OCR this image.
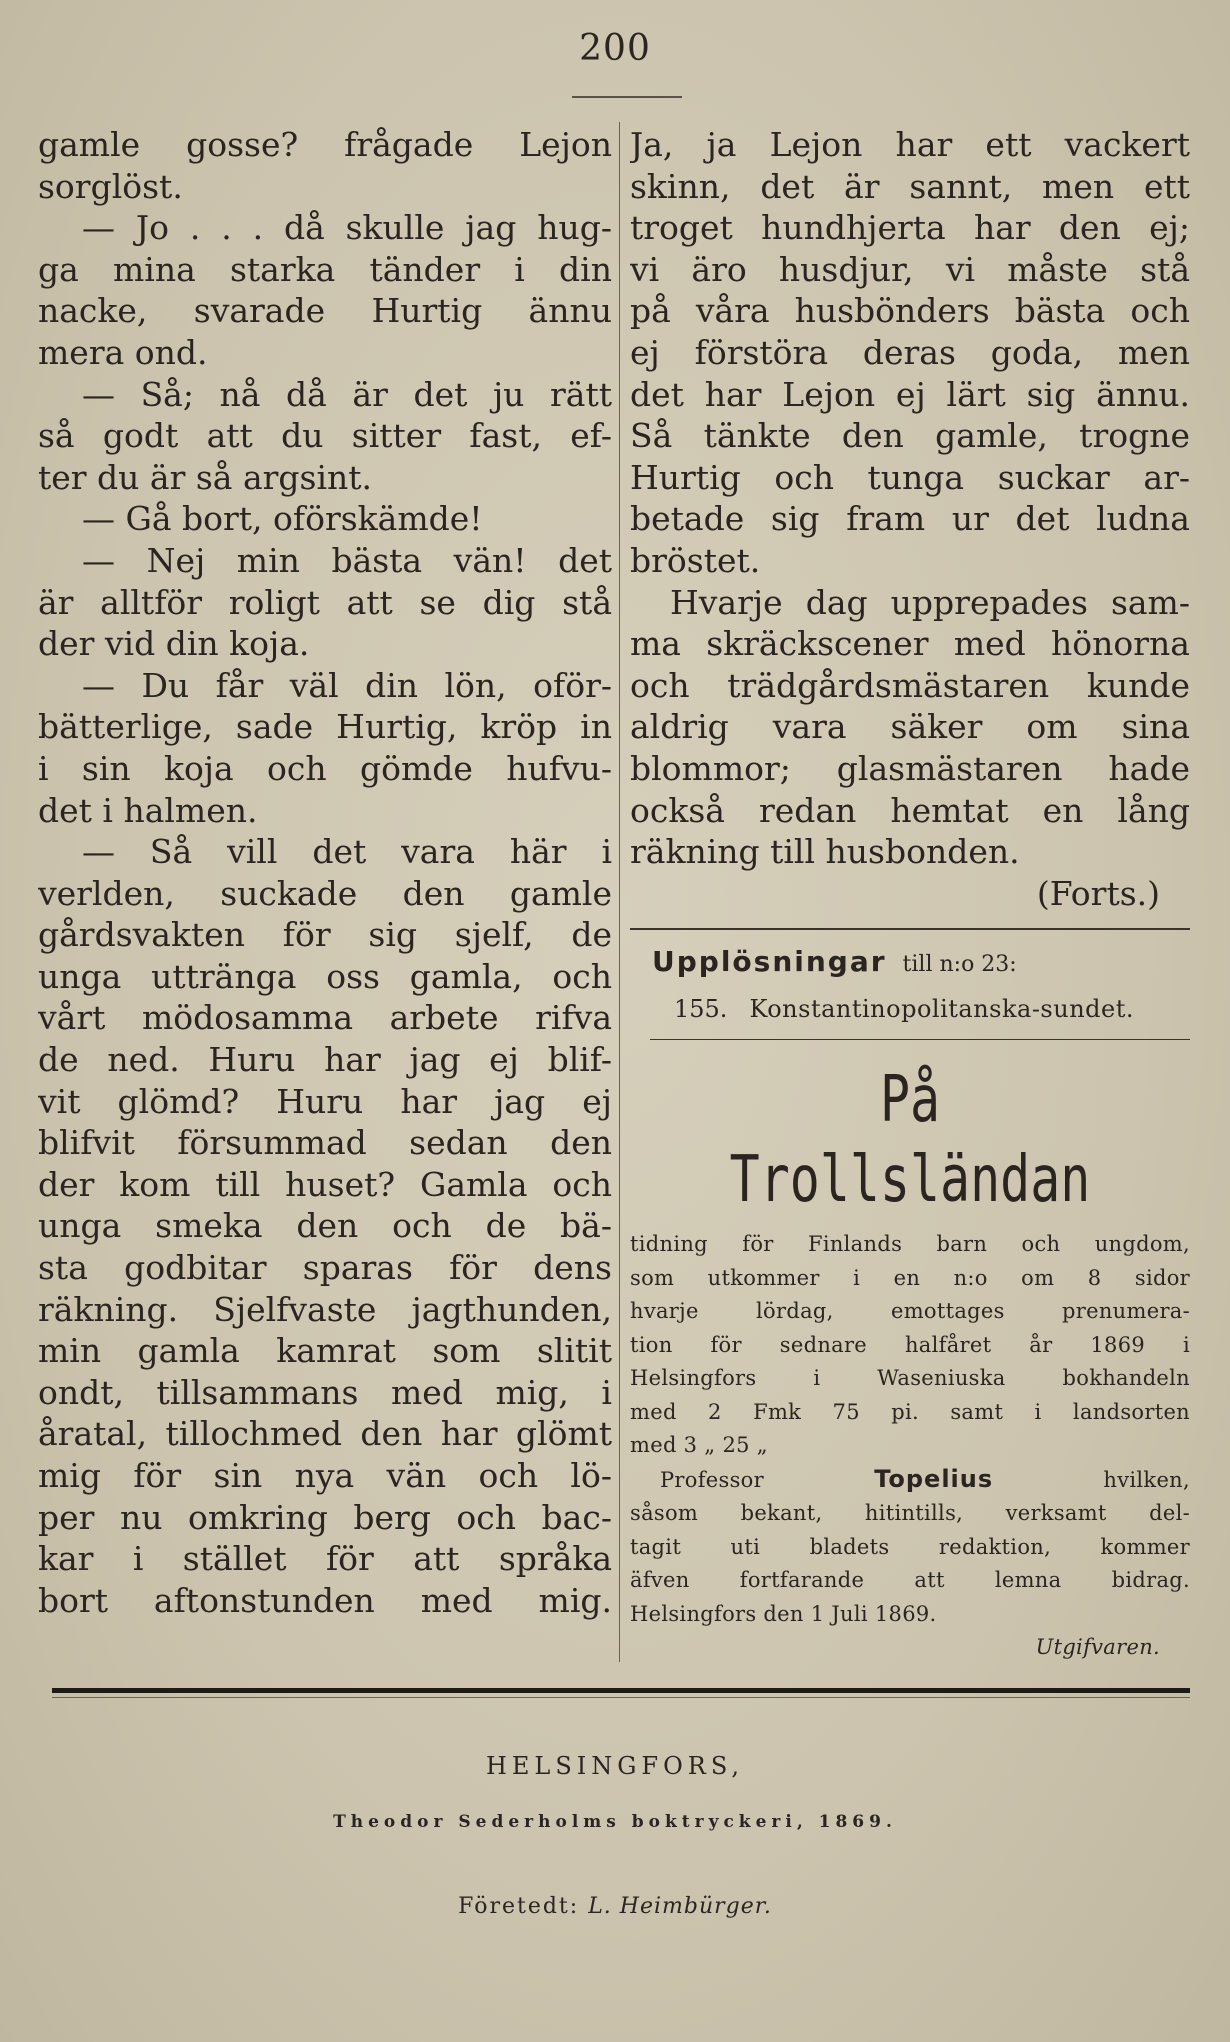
200
gamle gosse? frågade Lejon
sorglöst.
— Jo . . . då skulle jag hug-
ga mina starka tänder i din
nacke, svarade Hurtig ännu
mera ond.
— Så; nå då är det ju rätt
så godt att du sitter fast, ef-
ter du är så argsint.
— Gå bort, oförskämde!
— Nej min bästa vän! det
är alltför roligt att se dig stå
der vid din koja.
— Du får väl din lön, oför-
bätterlige, sade Hurtig, kröp in
i sin koja och gömde hufvu-
det i halmen.
— Så vill det vara här i
verlden, suckade den gamle
gårdsvakten för sig sjelf, de
unga uttränga oss gamla, och
vårt mödosamma arbete rifva
de ned. Huru har jag ej blif-
vit glömd? Huru har jag ej
blifvit försummad sedan den
der kom till huset? Gamla och
unga smeka den och de bä-
sta godbitar sparas för dens
räkning. Sjelfvaste jagthunden,
min gamla kamrat som slitit
ondt, tillsammans med mig, i
åratal, tillochmed den har glömt
mig för sin nya vän och lö-
per nu omkring berg och bac-
kar i stället för att språka
bort aftonstunden med mig.
Ja, ja Lejon har ett vackert
skinn, det är sannt, men ett
troget hundhjerta har den ej;
vi äro husdjur, vi måste stå
på våra husbönders bästa och
ej förstöra deras goda, men
det har Lejon ej lärt sig ännu.
Så tänkte den gamle, trogne
Hurtig och tunga suckar ar-
betade sig fram ur det ludna
bröstet.
Hvarje dag upprepades sam-
ma skräckscener med hönorna
och trädgårdsmästaren kunde
aldrig vara säker om sina
blommor; glasmästaren hade
också redan hemtat en lång
räkning till husbonden.
(Forts.)
Upplösningar till n:o 23:
155. Konstantinopolitanska-sundet.
På Trollsländan
tidning för Finlands barn och ungdom,
som utkommer i en n:o om 8 sidor
hvarje lördag, emottages prenumera-
tion för sednare halfåret år 1869 i
Helsingfors i Waseniuska bokhandeln
med 2 Fmk 75 pi. samt i landsorten
med 3 „ 25 „
Professor	Topelius	hvilken,
såsom bekant, hitintills, verksamt del-
tagit uti bladets redaktion, kommer
äfven fortfarande att lemna bidrag.
Helsingfors den 1 Juli 1869.
Utgifvaren.
HELSINGFORS,
Theodor Sederholms boktryckeri, 1869.
Företedt: L. Heimbürger.
